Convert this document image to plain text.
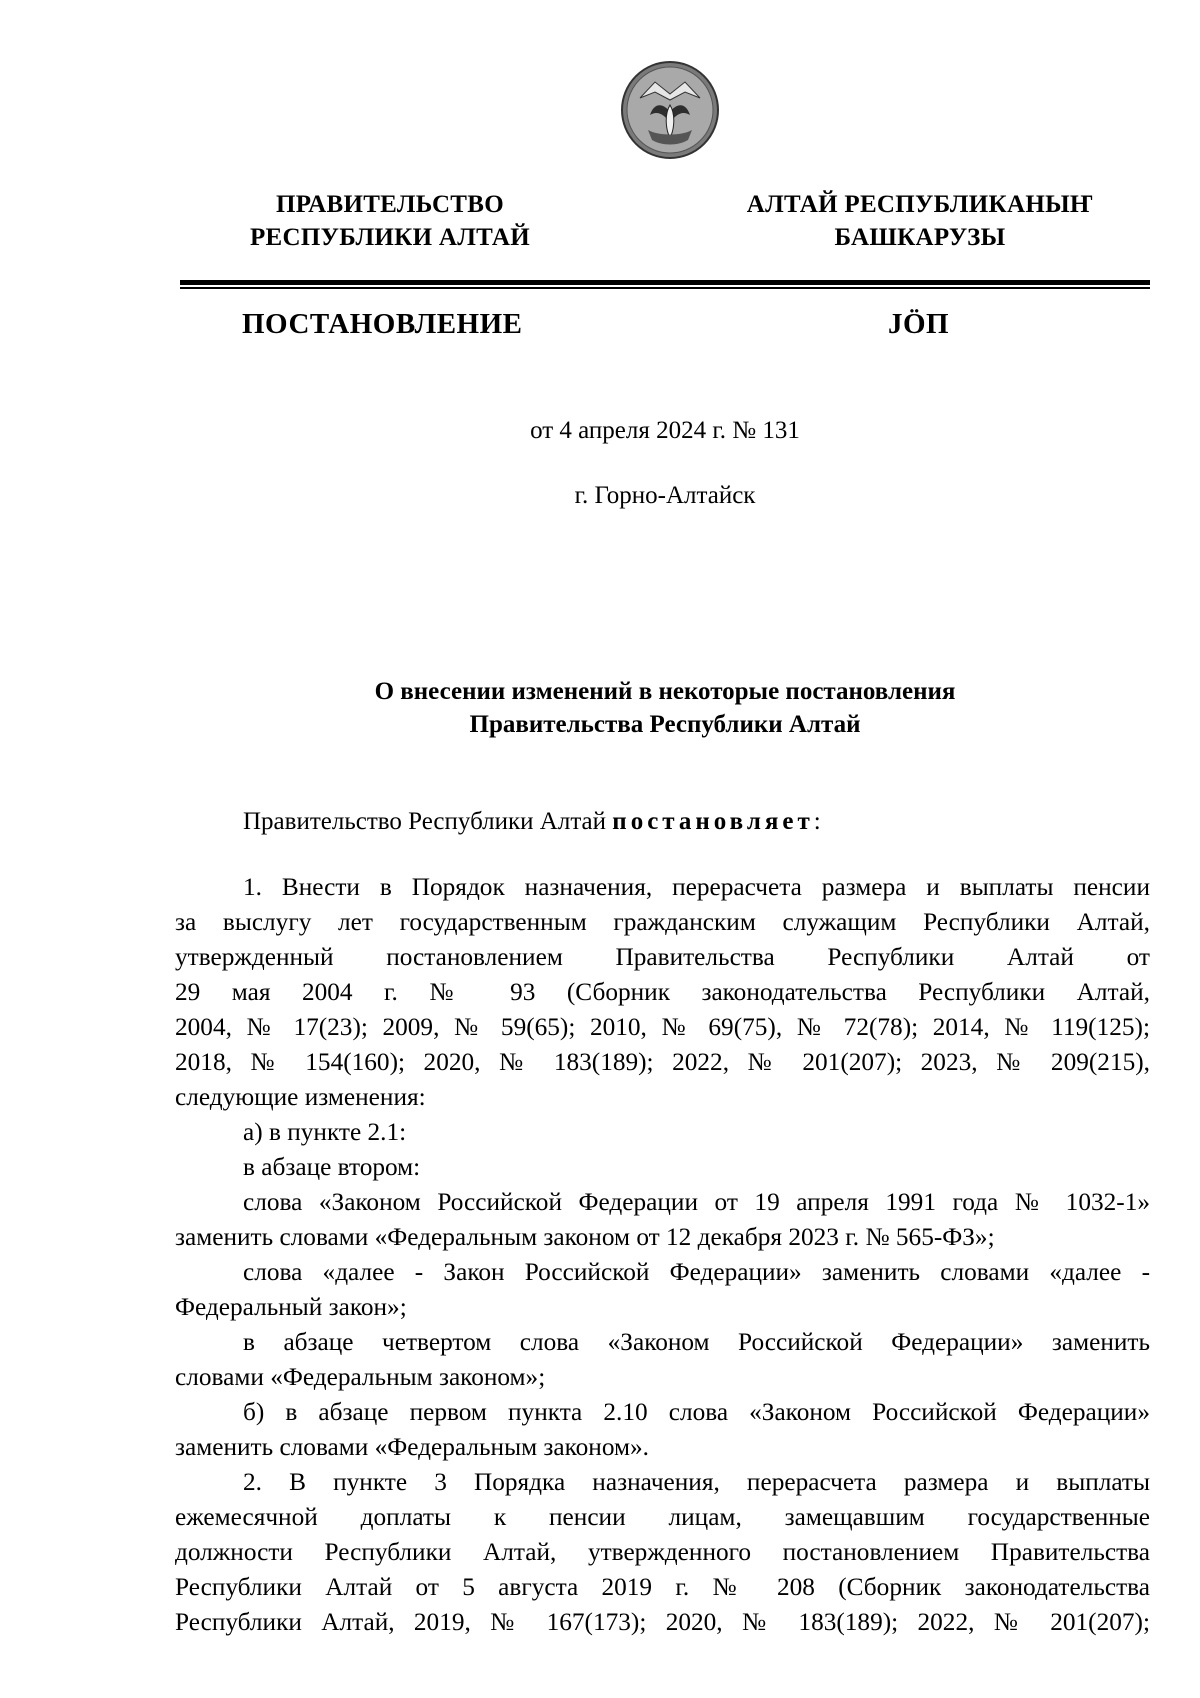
ПРАВИТЕЛЬСТВО
РЕСПУБЛИКИ АЛТАЙ
АЛТАЙ РЕСПУБЛИКАНЫҤ
БАШКАРУЗЫ
ПОСТАНОВЛЕНИЕ	JӦП
от 4 апреля 2024 г. № 131
г. Горно-Алтайск
О внесении изменений в некоторые постановления
Правительства Республики Алтай
Правительство Республики Алтай постановляет:
1. Внести в Порядок назначения, перерасчета размера и выплаты пенсии
за выслугу лет государственным гражданским служащим Республики Алтай,
утвержденный постановлением Правительства Республики Алтай от
29 мая 2004 г. № 93 (Сборник законодательства Республики Алтай,
2004, № 17(23); 2009, № 59(65); 2010, № 69(75), № 72(78); 2014, № 119(125);
2018, № 154(160); 2020, № 183(189); 2022, № 201(207); 2023, № 209(215),
следующие изменения:
а) в пункте 2.1:
в абзаце втором:
слова «Законом Российской Федерации от 19 апреля 1991 года № 1032-1»
заменить словами «Федеральным законом от 12 декабря 2023 г. № 565-ФЗ»;
слова «далее - Закон Российской Федерации» заменить словами «далее -
Федеральный закон»;
в абзаце четвертом слова «Законом Российской Федерации» заменить
словами «Федеральным законом»;
б) в абзаце первом пункта 2.10 слова «Законом Российской Федерации»
заменить словами «Федеральным законом».
2. В пункте 3 Порядка назначения, перерасчета размера и выплаты
ежемесячной доплаты к пенсии лицам, замещавшим государственные
должности Республики Алтай, утвержденного постановлением Правительства
Республики Алтай от 5 августа 2019 г. № 208 (Сборник законодательства
Республики Алтай, 2019, № 167(173); 2020, № 183(189); 2022, № 201(207);
